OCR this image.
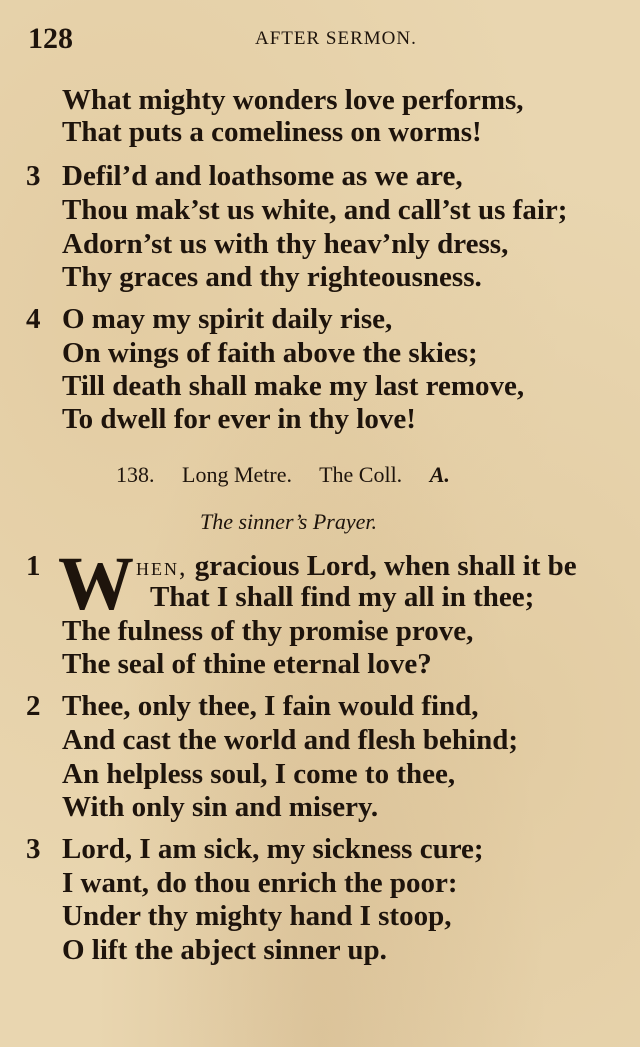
128	AFTER SERMON.
What mighty wonders love performs,
That puts a comeliness on worms!
3 Defil’d and loathsome as we are,
Thou mak’st us white, and call’st us fair;
Adorn’st us with thy heav’nly dress,
Thy graces and thy righteousness.
4 O may my spirit daily rise,
On wings of faith above the skies;
Till death shall make my last remove,
To dwell for ever in thy love!
138. Long Metre. The Coll. A.
The sinner’s Prayer.
1 W hen, gracious Lord, when shall it be
That I shall find my all in thee;
The fulness of thy promise prove,
The seal of thine eternal love?
2 Thee, only thee, I fain would find,
And cast the world and flesh behind;
An helpless soul, I come to thee,
With only sin and misery.
3 Lord, I am sick, my sickness cure;
I want, do thou enrich the poor:
Under thy mighty hand I stoop,
O lift the abject sinner up.
